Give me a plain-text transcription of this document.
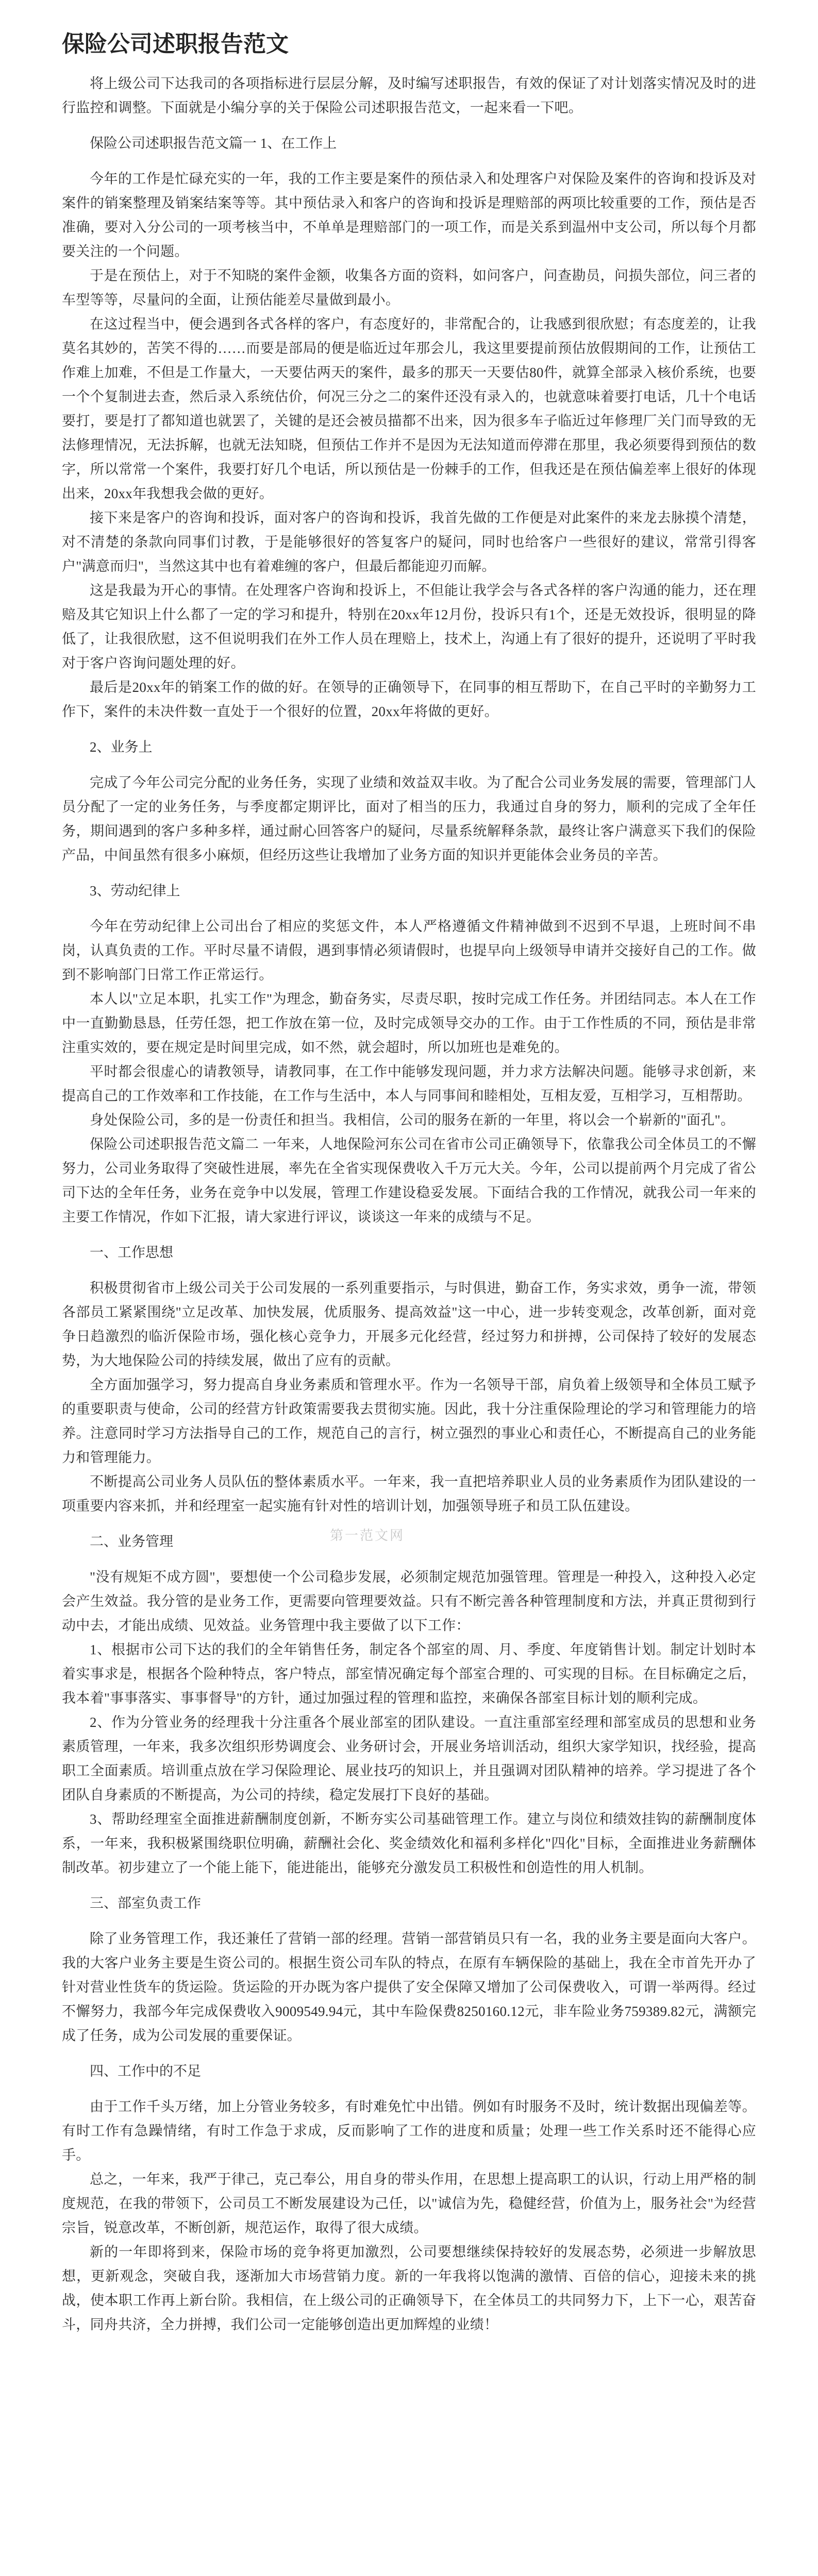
保险公司述职报告范文

将上级公司下达我司的各项指标进行层层分解，及时编写述职报告，有效的保证了对计划落实情况及时的进行监控和调整。下面就是小编分享的关于保险公司述职报告范文，一起来看一下吧。

保险公司述职报告范文篇一 1、在工作上

今年的工作是忙碌充实的一年，我的工作主要是案件的预估录入和处理客户对保险及案件的咨询和投诉及对案件的销案整理及销案结案等等。其中预估录入和客户的咨询和投诉是理赔部的两项比较重要的工作，预估是否准确，要对入分公司的一项考核当中，不单单是理赔部门的一项工作，而是关系到温州中支公司，所以每个月都要关注的一个问题。

于是在预估上，对于不知晓的案件金额，收集各方面的资料，如问客户，问查勘员，问损失部位，问三者的车型等等，尽量问的全面，让预估能差尽量做到最小。

在这过程当中，便会遇到各式各样的客户，有态度好的，非常配合的，让我感到很欣慰；有态度差的，让我莫名其妙的，苦笑不得的……而要是部局的便是临近过年那会儿，我这里要提前预估放假期间的工作，让预估工作难上加难，不但是工作量大，一天要估两天的案件，最多的那天一天要估80件，就算全部录入核价系统，也要一个个复制进去查，然后录入系统估价，何况三分之二的案件还没有录入的，也就意味着要打电话，几十个电话要打，要是打了都知道也就罢了，关键的是还会被员描都不出来，因为很多车子临近过年修理厂关门而导致的无法修理情况，无法拆解，也就无法知晓，但预估工作并不是因为无法知道而停滞在那里，我必须要得到预估的数字，所以常常一个案件，我要打好几个电话，所以预估是一份棘手的工作，但我还是在预估偏差率上很好的体现出来，20xx年我想我会做的更好。

接下来是客户的咨询和投诉，面对客户的咨询和投诉，我首先做的工作便是对此案件的来龙去脉摸个清楚，对不清楚的条款向同事们讨教，于是能够很好的答复客户的疑问，同时也给客户一些很好的建议，常常引得客户"满意而归"，当然这其中也有着难缠的客户，但最后都能迎刃而解。

这是我最为开心的事情。在处理客户咨询和投诉上，不但能让我学会与各式各样的客户沟通的能力，还在理赔及其它知识上什么都了一定的学习和提升，特别在20xx年12月份，投诉只有1个，还是无效投诉，很明显的降低了，让我很欣慰，这不但说明我们在外工作人员在理赔上，技术上，沟通上有了很好的提升，还说明了平时我对于客户咨询问题处理的好。

最后是20xx年的销案工作的做的好。在领导的正确领导下，在同事的相互帮助下，在自己平时的辛勤努力工作下，案件的未决件数一直处于一个很好的位置，20xx年将做的更好。

2、业务上

完成了今年公司完分配的业务任务，实现了业绩和效益双丰收。为了配合公司业务发展的需要，管理部门人员分配了一定的业务任务，与季度都定期评比，面对了相当的压力，我通过自身的努力，顺利的完成了全年任务，期间遇到的客户多种多样，通过耐心回答客户的疑问，尽量系统解释条款，最终让客户满意买下我们的保险产品，中间虽然有很多小麻烦，但经历这些让我增加了业务方面的知识并更能体会业务员的辛苦。

3、劳动纪律上

今年在劳动纪律上公司出台了相应的奖惩文件，本人严格遵循文件精神做到不迟到不早退，上班时间不串岗，认真负责的工作。平时尽量不请假，遇到事情必须请假时，也提早向上级领导申请并交接好自己的工作。做到不影响部门日常工作正常运行。

本人以"立足本职，扎实工作"为理念，勤奋务实，尽责尽职，按时完成工作任务。并团结同志。本人在工作中一直勤勤恳恳，任劳任怨，把工作放在第一位，及时完成领导交办的工作。由于工作性质的不同，预估是非常注重实效的，要在规定是时间里完成，如不然，就会超时，所以加班也是难免的。

平时都会很虚心的请教领导，请教同事，在工作中能够发现问题，并力求方法解决问题。能够寻求创新，来提高自己的工作效率和工作技能，在工作与生活中，本人与同事间和睦相处，互相友爱，互相学习，互相帮助。

身处保险公司，多的是一份责任和担当。我相信，公司的服务在新的一年里，将以会一个崭新的"面孔"。

保险公司述职报告范文篇二 一年来，人地保险河东公司在省市公司正确领导下，依靠我公司全体员工的不懈努力，公司业务取得了突破性进展，率先在全省实现保费收入千万元大关。今年，公司以提前两个月完成了省公司下达的全年任务，业务在竞争中以发展，管理工作建设稳妥发展。下面结合我的工作情况，就我公司一年来的主要工作情况，作如下汇报，请大家进行评议，谈谈这一年来的成绩与不足。

一、工作思想

积极贯彻省市上级公司关于公司发展的一系列重要指示，与时俱进，勤奋工作，务实求效，勇争一流，带领各部员工紧紧围绕"立足改革、加快发展，优质服务、提高效益"这一中心，进一步转变观念，改革创新，面对竞争日趋激烈的临沂保险市场，强化核心竞争力，开展多元化经营，经过努力和拼搏，公司保持了较好的发展态势，为大地保险公司的持续发展，做出了应有的贡献。

全方面加强学习，努力提高自身业务素质和管理水平。作为一名领导干部，肩负着上级领导和全体员工赋予的重要职责与使命，公司的经营方针政策需要我去贯彻实施。因此，我十分注重保险理论的学习和管理能力的培养。注意同时学习方法指导自己的工作，规范自己的言行，树立强烈的事业心和责任心，不断提高自己的业务能力和管理能力。

不断提高公司业务人员队伍的整体素质水平。一年来，我一直把培养职业人员的业务素质作为团队建设的一项重要内容来抓，并和经理室一起实施有针对性的培训计划，加强领导班子和员工队伍建设。

二、业务管理

"没有规矩不成方圆"，要想使一个公司稳步发展，必须制定规范加强管理。管理是一种投入，这种投入必定会产生效益。我分管的是业务工作，更需要向管理要效益。只有不断完善各种管理制度和方法，并真正贯彻到行动中去，才能出成绩、见效益。业务管理中我主要做了以下工作：

1、根据市公司下达的我们的全年销售任务，制定各个部室的周、月、季度、年度销售计划。制定计划时本着实事求是，根据各个险种特点，客户特点，部室情况确定每个部室合理的、可实现的目标。在目标确定之后，我本着"事事落实、事事督导"的方针，通过加强过程的管理和监控，来确保各部室目标计划的顺利完成。

2、作为分管业务的经理我十分注重各个展业部室的团队建设。一直注重部室经理和部室成员的思想和业务素质管理，一年来，我多次组织形势调度会、业务研讨会，开展业务培训活动，组织大家学知识，找经验，提高职工全面素质。培训重点放在学习保险理论、展业技巧的知识上，并且强调对团队精神的培养。学习提进了各个团队自身素质的不断提高，为公司的持续，稳定发展打下良好的基础。

3、帮助经理室全面推进薪酬制度创新，不断夯实公司基础管理工作。建立与岗位和绩效挂钩的薪酬制度体系，一年来，我积极紧围绕职位明确，薪酬社会化、奖金绩效化和福利多样化"四化"目标，全面推进业务薪酬体制改革。初步建立了一个能上能下，能进能出，能够充分激发员工积极性和创造性的用人机制。

三、部室负责工作

除了业务管理工作，我还兼任了营销一部的经理。营销一部营销员只有一名，我的业务主要是面向大客户。我的大客户业务主要是生资公司的。根据生资公司车队的特点，在原有车辆保险的基础上，我在全市首先开办了针对营业性货车的货运险。货运险的开办既为客户提供了安全保障又增加了公司保费收入，可谓一举两得。经过不懈努力，我部今年完成保费收入9009549.94元，其中车险保费8250160.12元，非车险业务759389.82元，满额完成了任务，成为公司发展的重要保证。

四、工作中的不足

由于工作千头万绪，加上分管业务较多，有时难免忙中出错。例如有时服务不及时，统计数据出现偏差等。有时工作有急躁情绪，有时工作急于求成，反而影响了工作的进度和质量；处理一些工作关系时还不能得心应手。

总之，一年来，我严于律己，克己奉公，用自身的带头作用，在思想上提高职工的认识，行动上用严格的制度规范，在我的带领下，公司员工不断发展建设为己任，以"诚信为先，稳健经营，价值为上，服务社会"为经营宗旨，锐意改革，不断创新，规范运作，取得了很大成绩。

新的一年即将到来，保险市场的竞争将更加激烈，公司要想继续保持较好的发展态势，必须进一步解放思想，更新观念，突破自我，逐渐加大市场营销力度。新的一年我将以饱满的激情、百倍的信心，迎接未来的挑战，使本职工作再上新台阶。我相信，在上级公司的正确领导下，在全体员工的共同努力下，上下一心，艰苦奋斗，同舟共济，全力拼搏，我们公司一定能够创造出更加辉煌的业绩！

第一范文网
